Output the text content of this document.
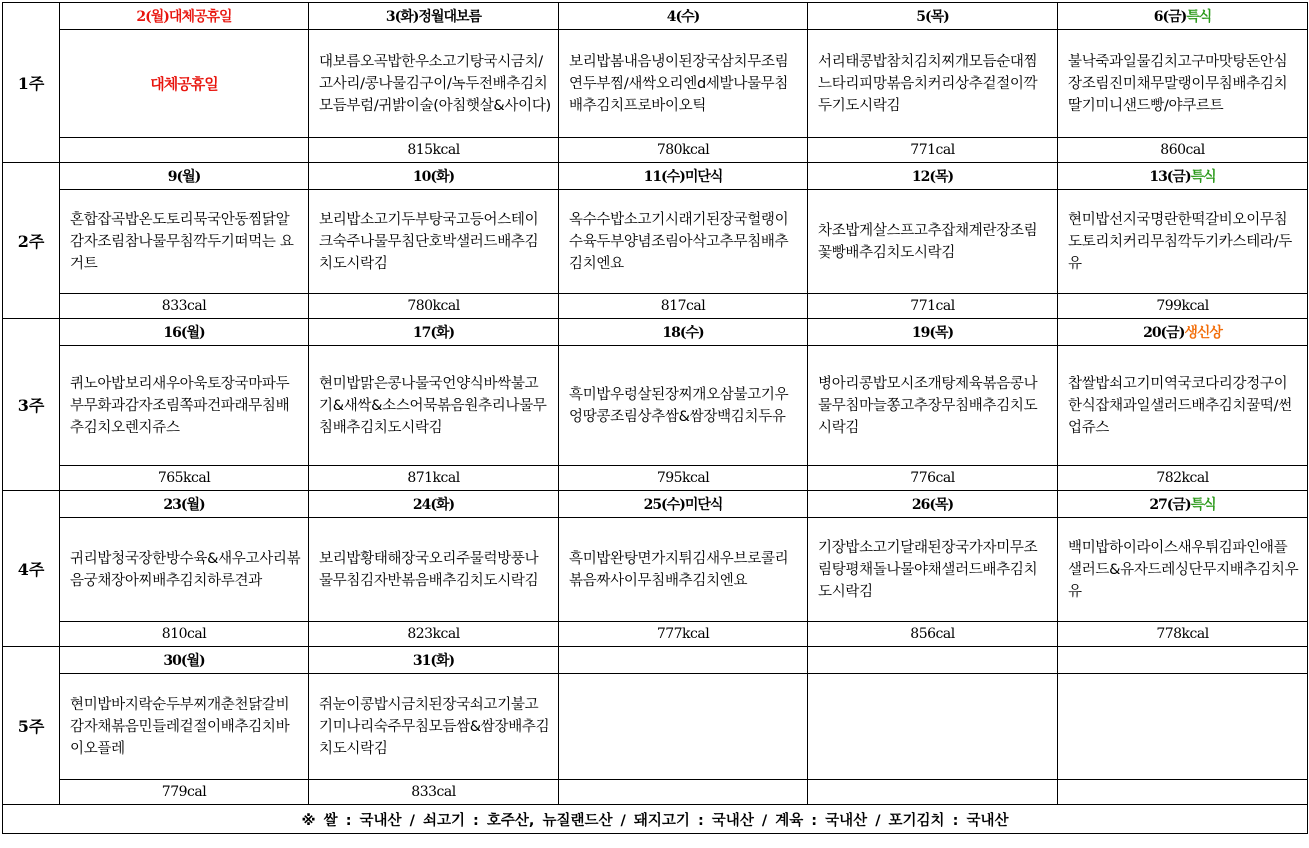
1주	2(월)대체공휴일	3(화)정월대보름	4(수)	5(목)	6(금)특식
	대체공휴일	대보름오곡밥한우소고기탕국시금치/고사리/콩나물김구이/녹두전배추김치모듬부럼/귀밝이술(아침햇살&사이다)	보리밥봄내음냉이된장국삼치무조림연두부찜/새싹오리엔d세발나물무침배추김치프로바이오틱	서리태콩밥참치김치찌개모듬순대찜느타리피망볶음치커리상추겉절이깍두기도시락김	불낙죽과일물김치고구마맛탕돈안심장조림진미채무말랭이무침배추김치딸기미니샌드빵/야쿠르트
		815kcal	780kcal	771cal	860cal
2주	9(월)	10(화)	11(수)미단식	12(목)	13(금)특식
	혼합잡곡밥온도토리묵국안동찜닭알감자조림참나물무침깍두기떠먹는 요거트	보리밥소고기두부탕국고등어스테이크숙주나물무침단호박샐러드배추김치도시락김	옥수수밥소고기시래기된장국헐랭이수육두부양념조림아삭고추무침배추김치엔요	차조밥게살스프고추잡채계란장조림꽃빵배추김치도시락김	현미밥선지국명란한떡갈비오이무침도토리치커리무침깍두기카스테라/두유
	833cal	780kcal	817cal	771cal	799kcal
3주	16(월)	17(화)	18(수)	19(목)	20(금)생신상
	퀴노아밥보리새우아욱토장국마파두부무화과감자조림쪽파건파래무침배추김치오렌지쥬스	현미밥맑은콩나물국언양식바싹불고기&새싹&소스어묵볶음원추리나물무침배추김치도시락김	흑미밥우렁살된장찌개오삼불고기우엉땅콩조림상추쌈&쌈장백김치두유	병아리콩밥모시조개탕제육볶음콩나물무침마늘쫑고추장무침배추김치도시락김	찹쌀밥쇠고기미역국코다리강정구이한식잡채과일샐러드배추김치꿀떡/썬업쥬스
	765kcal	871kcal	795kcal	776cal	782kcal
4주	23(월)	24(화)	25(수)미단식	26(목)	27(금)특식
	귀리밥청국장한방수육&새우고사리볶음궁채장아찌배추김치하루견과	보리밥황태해장국오리주물럭방풍나물무침김자반볶음배추김치도시락김	흑미밥완탕면가지튀김새우브로콜리볶음짜사이무침배추김치엔요	기장밥소고기달래된장국가자미무조림탕평채돌나물야채샐러드배추김치도시락김	백미밥하이라이스새우튀김파인애플샐러드&유자드레싱단무지배추김치우유
	810cal	823kcal	777kcal	856cal	778kcal
5주	30(월)	31(화)			
	현미밥바지락순두부찌개춘천닭갈비감자채볶음민들레겉절이배추김치바이오플레	쥐눈이콩밥시금치된장국쇠고기불고기미나리숙주무침모듬쌈&쌈장배추김치도시락김			
	779cal	833cal			
※ 쌀 : 국내산 / 쇠고기 : 호주산, 뉴질랜드산 / 돼지고기 : 국내산 / 계육 : 국내산 / 포기김치 : 국내산					
